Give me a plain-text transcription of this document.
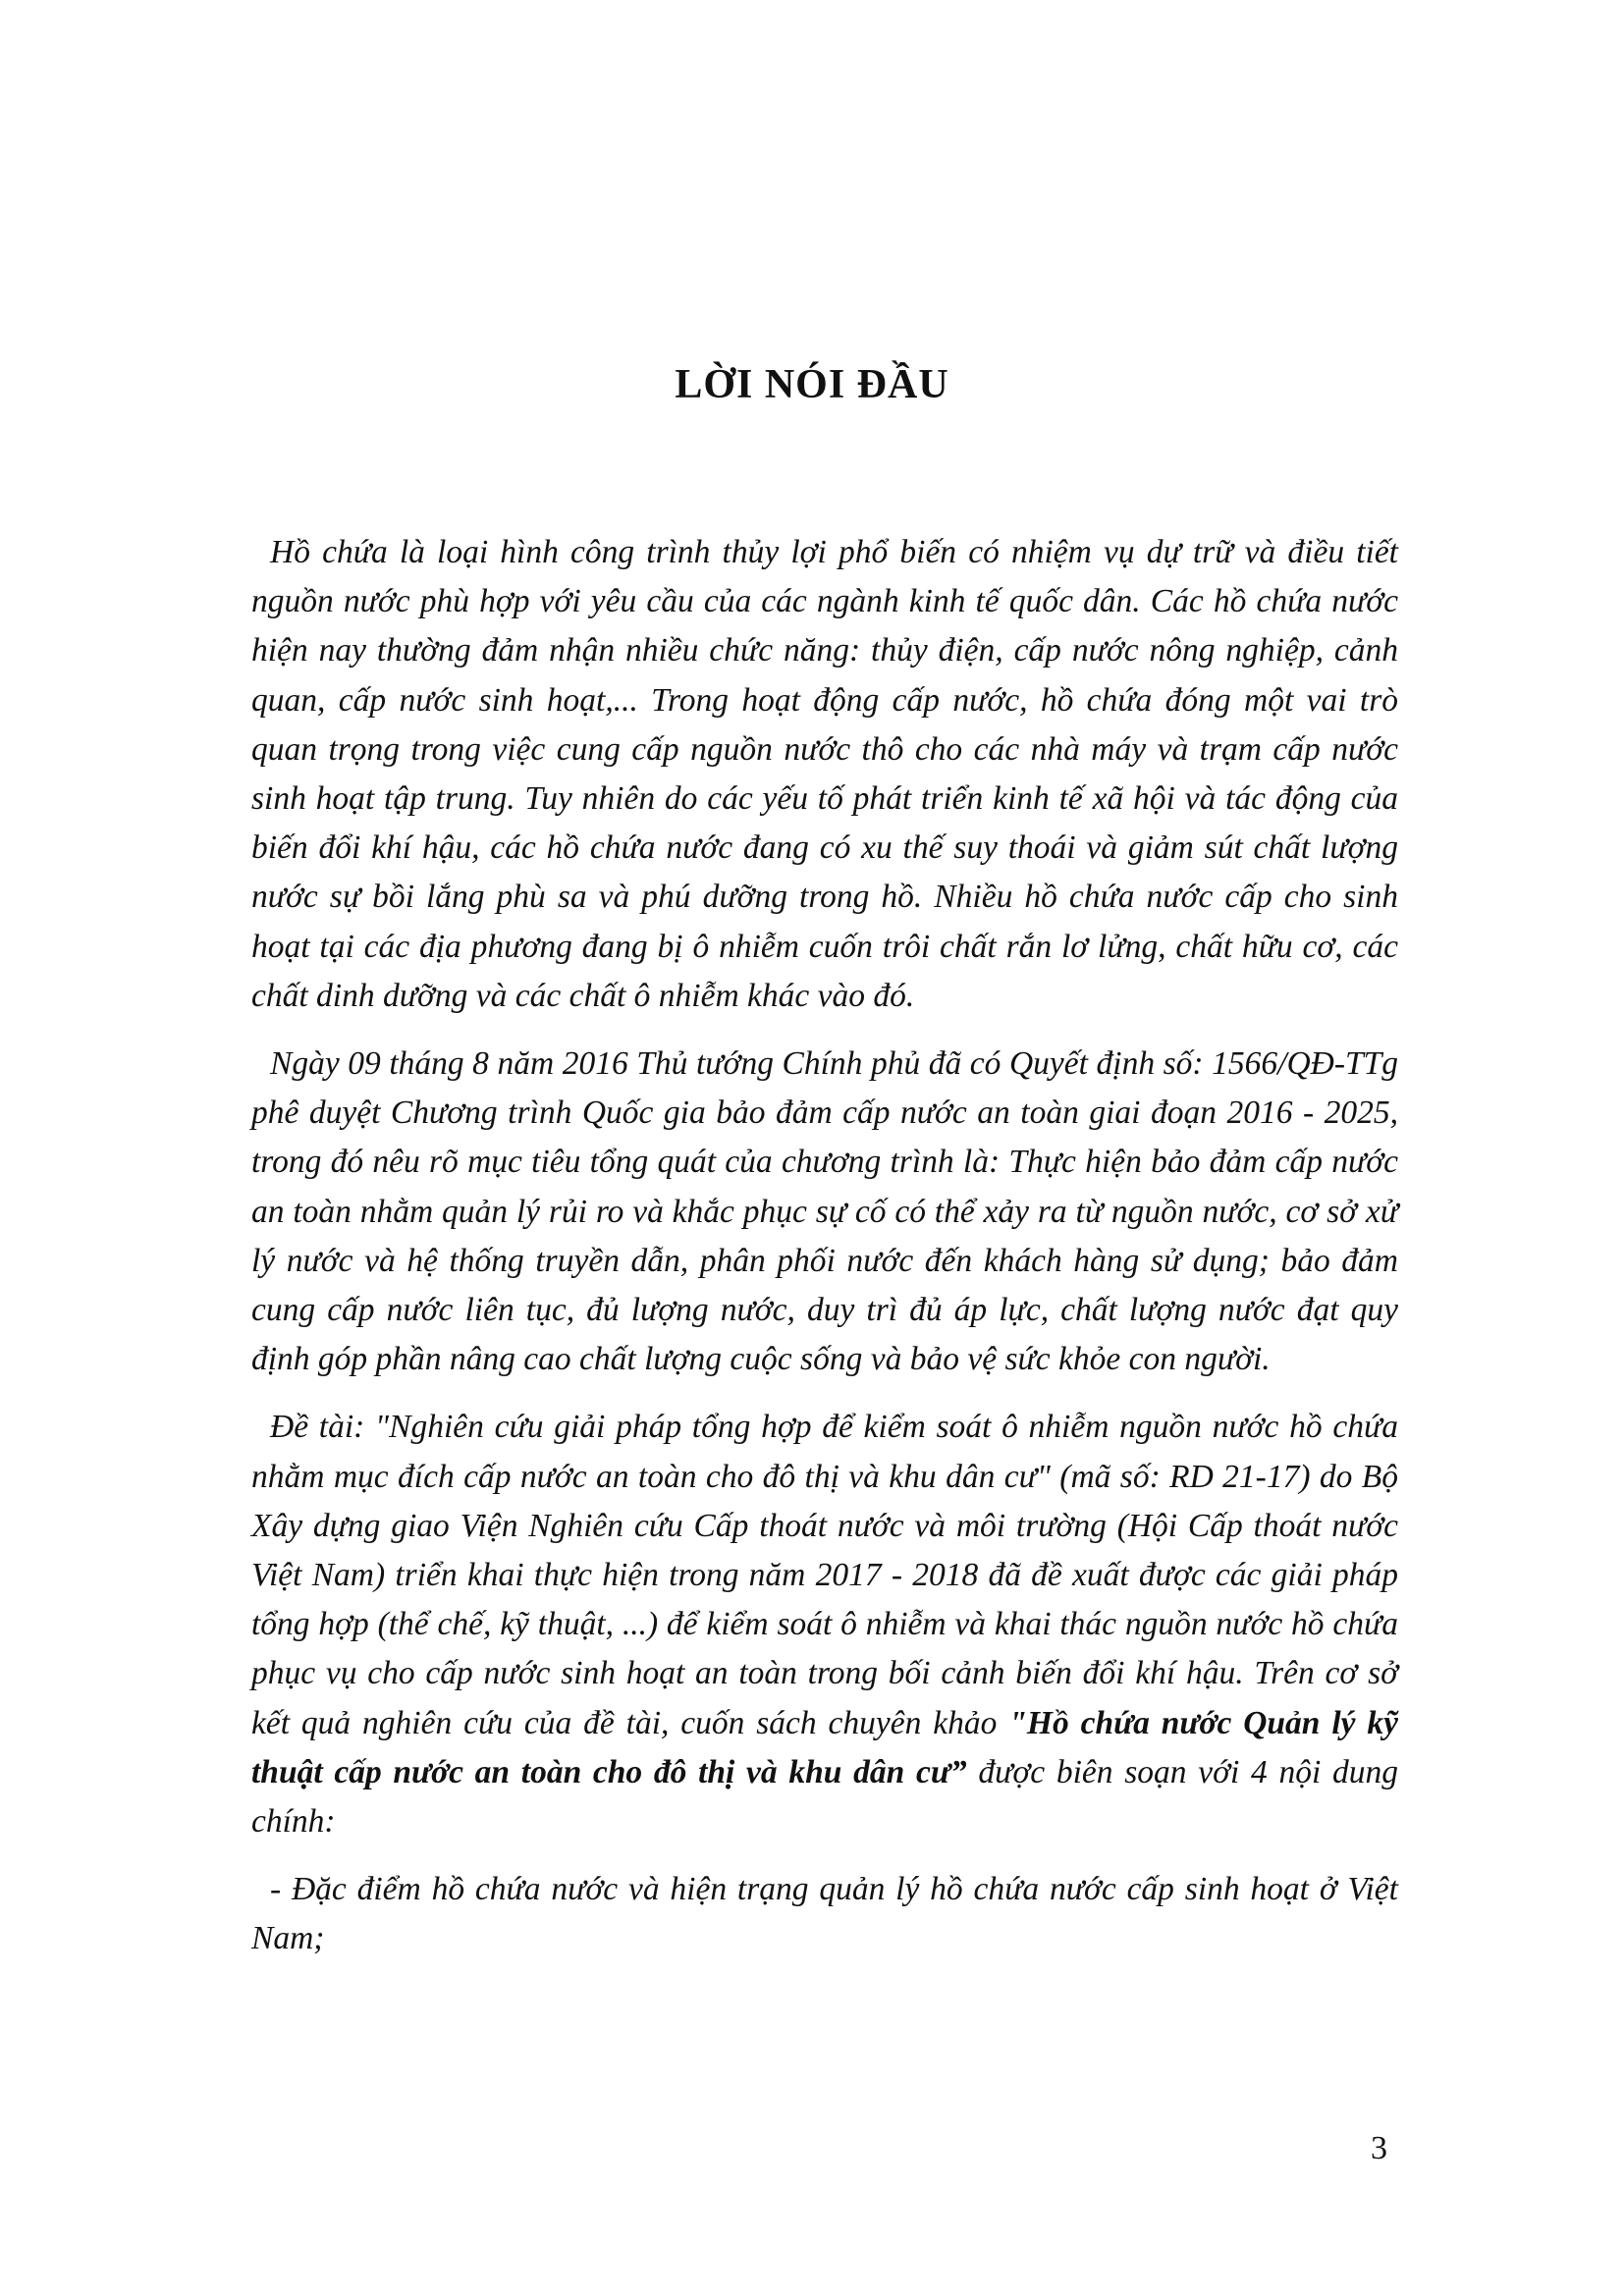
LỜI NÓI ĐẦU

Hồ chứa là loại hình công trình thủy lợi phổ biến có nhiệm vụ dự trữ và điều tiết nguồn nước phù hợp với yêu cầu của các ngành kinh tế quốc dân. Các hồ chứa nước hiện nay thường đảm nhận nhiều chức năng: thủy điện, cấp nước nông nghiệp, cảnh quan, cấp nước sinh hoạt,... Trong hoạt động cấp nước, hồ chứa đóng một vai trò quan trọng trong việc cung cấp nguồn nước thô cho các nhà máy và trạm cấp nước sinh hoạt tập trung. Tuy nhiên do các yếu tố phát triển kinh tế xã hội và tác động của biến đổi khí hậu, các hồ chứa nước đang có xu thế suy thoái và giảm sút chất lượng nước sự bồi lắng phù sa và phú dưỡng trong hồ. Nhiều hồ chứa nước cấp cho sinh hoạt tại các địa phương đang bị ô nhiễm cuốn trôi chất rắn lơ lửng, chất hữu cơ, các chất dinh dưỡng và các chất ô nhiễm khác vào đó.

Ngày 09 tháng 8 năm 2016 Thủ tướng Chính phủ đã có Quyết định số: 1566/QĐ-TTg phê duyệt Chương trình Quốc gia bảo đảm cấp nước an toàn giai đoạn 2016 - 2025, trong đó nêu rõ mục tiêu tổng quát của chương trình là: Thực hiện bảo đảm cấp nước an toàn nhằm quản lý rủi ro và khắc phục sự cố có thể xảy ra từ nguồn nước, cơ sở xử lý nước và hệ thống truyền dẫn, phân phối nước đến khách hàng sử dụng; bảo đảm cung cấp nước liên tục, đủ lượng nước, duy trì đủ áp lực, chất lượng nước đạt quy định góp phần nâng cao chất lượng cuộc sống và bảo vệ sức khỏe con người.

Đề tài: "Nghiên cứu giải pháp tổng hợp để kiểm soát ô nhiễm nguồn nước hồ chứa nhằm mục đích cấp nước an toàn cho đô thị và khu dân cư" (mã số: RD 21-17) do Bộ Xây dựng giao Viện Nghiên cứu Cấp thoát nước và môi trường (Hội Cấp thoát nước Việt Nam) triển khai thực hiện trong năm 2017 - 2018 đã đề xuất được các giải pháp tổng hợp (thể chế, kỹ thuật, ...) để kiểm soát ô nhiễm và khai thác nguồn nước hồ chứa phục vụ cho cấp nước sinh hoạt an toàn trong bối cảnh biến đổi khí hậu. Trên cơ sở kết quả nghiên cứu của đề tài, cuốn sách chuyên khảo "Hồ chứa nước Quản lý kỹ thuật cấp nước an toàn cho đô thị và khu dân cư” được biên soạn với 4 nội dung chính:

- Đặc điểm hồ chứa nước và hiện trạng quản lý hồ chứa nước cấp sinh hoạt ở Việt Nam;

3
